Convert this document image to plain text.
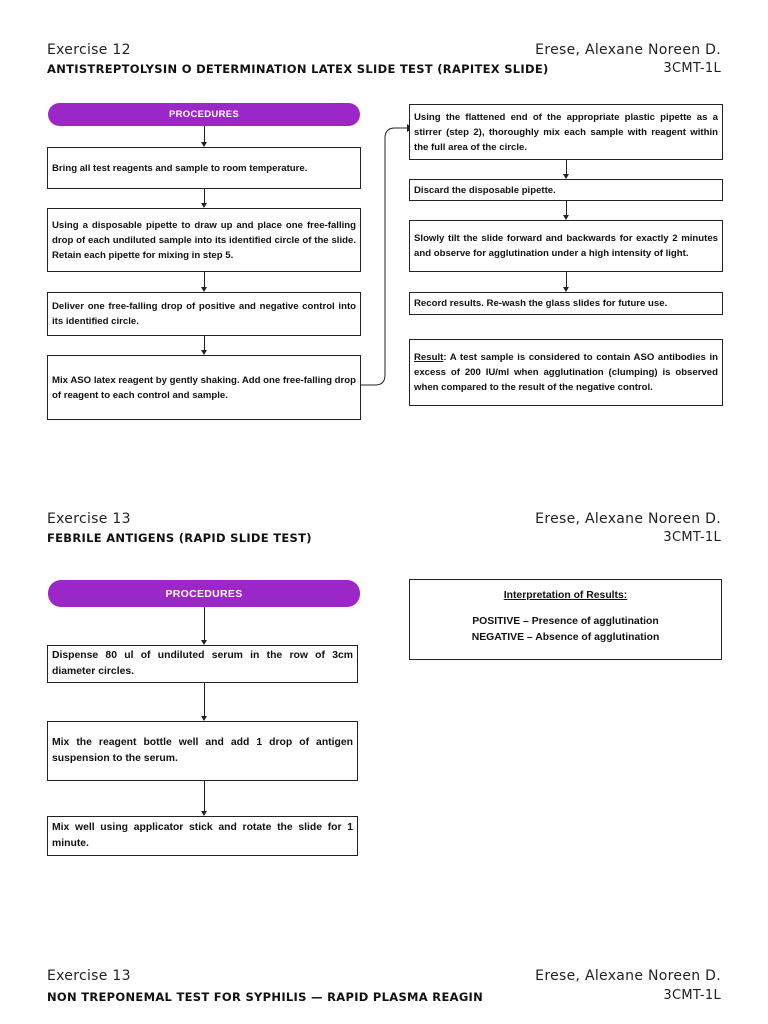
Exercise 12
ANTISTREPTOLYSIN O DETERMINATION LATEX SLIDE TEST (RAPITEX SLIDE)
Erese, Alexane Noreen D.
3CMT-1L
PROCEDURES
Bring all test reagents and sample to room temperature.
Using a disposable pipette to draw up and place one free-falling drop of each undiluted sample into its identified circle of the slide. Retain each pipette for mixing in step 5.
Deliver one free-falling drop of positive and negative control into its identified circle.
Mix ASO latex reagent by gently shaking. Add one free-falling drop of reagent to each control and sample.
Using the flattened end of the appropriate plastic pipette as a stirrer (step 2), thoroughly mix each sample with reagent within the full area of the circle.
Discard the disposable pipette.
Slowly tilt the slide forward and backwards for exactly 2 minutes and observe for agglutination under a high intensity of light.
Record results. Re-wash the glass slides for future use.
Result: A test sample is considered to contain ASO antibodies in excess of 200 IU/ml when agglutination (clumping) is observed when compared to the result of the negative control.
Exercise 13
FEBRILE ANTIGENS (RAPID SLIDE TEST)
Erese, Alexane Noreen D.
3CMT-1L
PROCEDURES
Dispense 80 ul of undiluted serum in the row of 3cm diameter circles.
Mix the reagent bottle well and add 1 drop of antigen suspension to the serum.
Mix well using applicator stick and rotate the slide for 1 minute.
Interpretation of Results:
POSITIVE – Presence of agglutination
NEGATIVE – Absence of agglutination
Exercise 13
NON TREPONEMAL TEST FOR SYPHILIS — RAPID PLASMA REAGIN
Erese, Alexane Noreen D.
3CMT-1L
